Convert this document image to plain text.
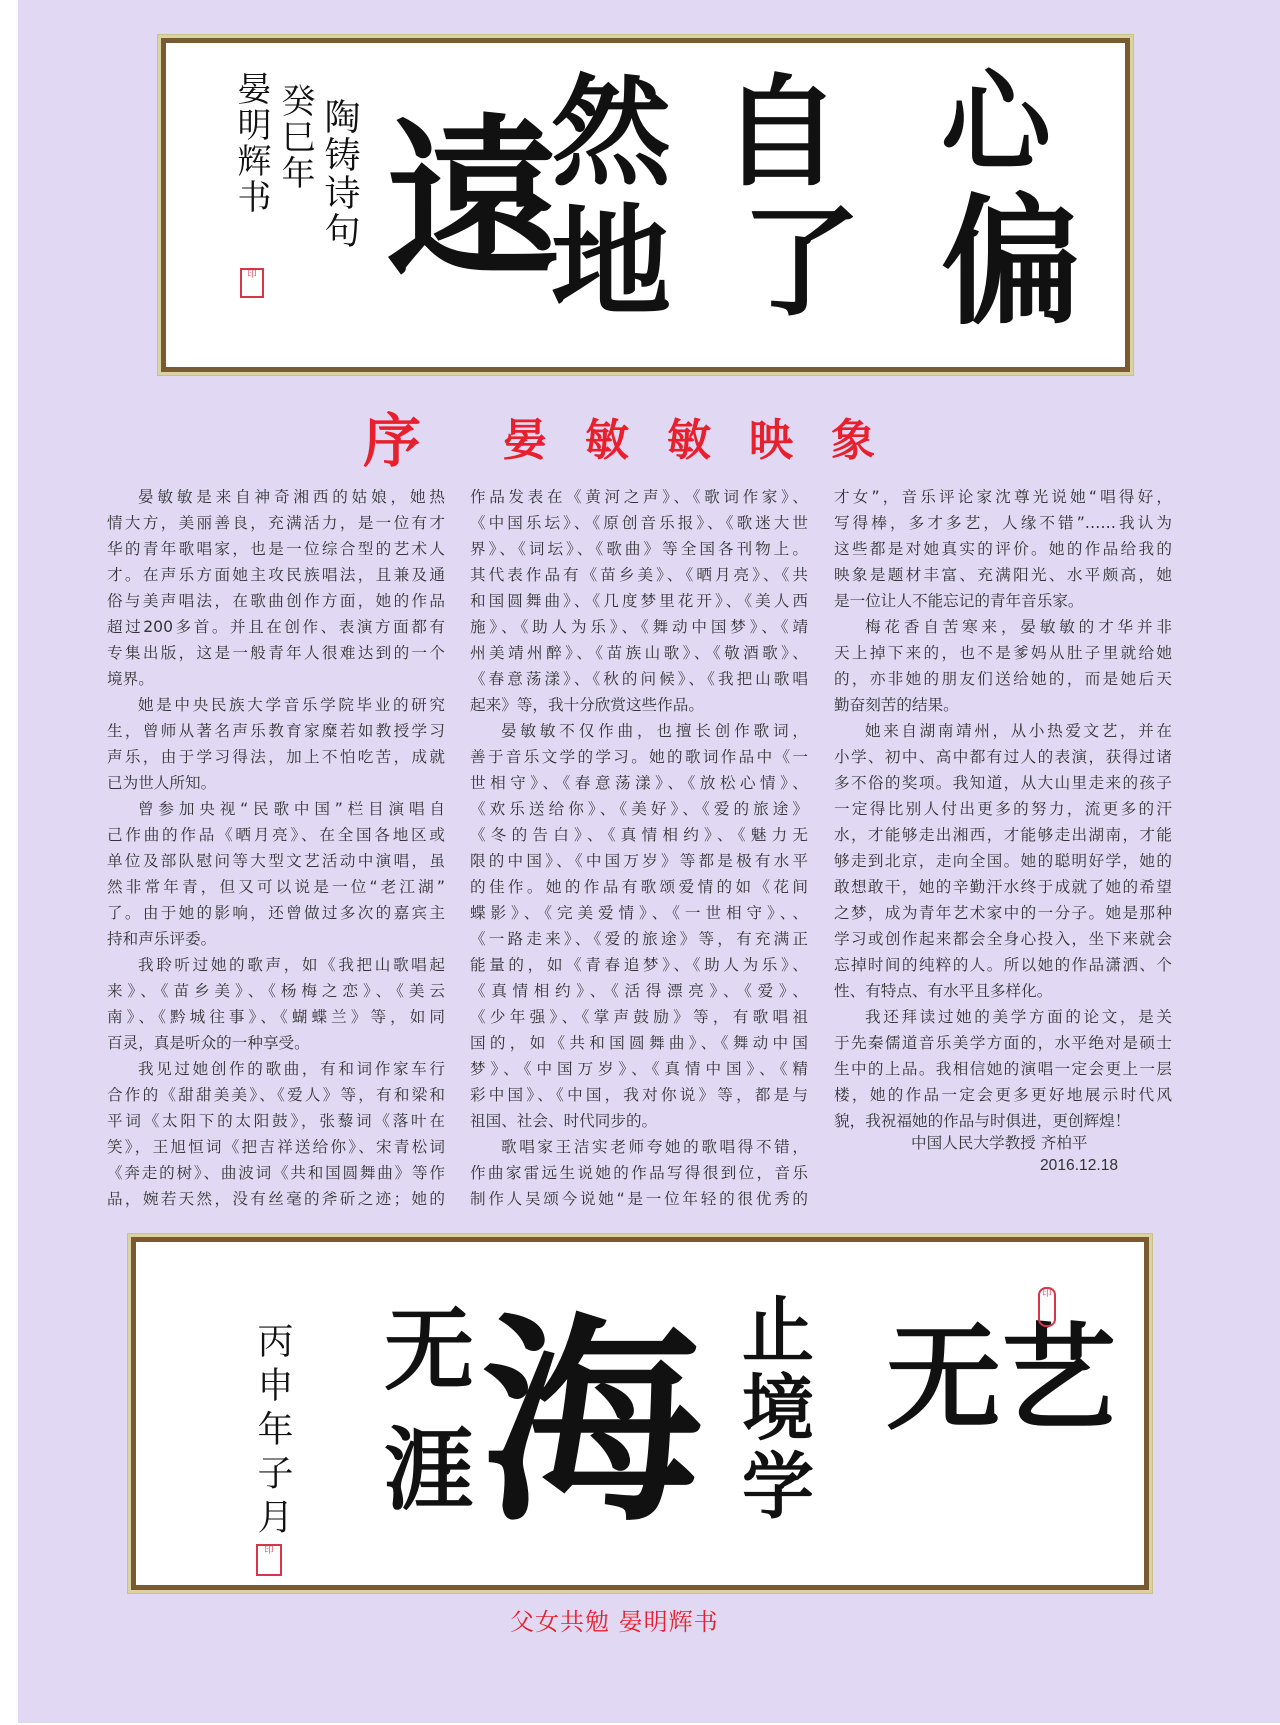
心
偏
自
了
然
地
遠
陶铸诗句
癸巳年
晏明辉书
印
序 晏敏敏映象
晏敏敏是来自神奇湘西的姑娘，她热
情大方，美丽善良，充满活力，是一位有才
华的青年歌唱家，也是一位综合型的艺术人
才。在声乐方面她主攻民族唱法，且兼及通
俗与美声唱法，在歌曲创作方面，她的作品
超过200多首。并且在创作、表演方面都有
专集出版，这是一般青年人很难达到的一个
境界。
她是中央民族大学音乐学院毕业的研究
生，曾师从著名声乐教育家糜若如教授学习
声乐，由于学习得法，加上不怕吃苦，成就
已为世人所知。
曾参加央视“民歌中国”栏目演唱自
己作曲的作品《晒月亮》、在全国各地区或
单位及部队慰问等大型文艺活动中演唱，虽
然非常年青，但又可以说是一位“老江湖”
了。由于她的影响，还曾做过多次的嘉宾主
持和声乐评委。
我聆听过她的歌声，如《我把山歌唱起
来》、《苗乡美》、《杨梅之恋》、《美云
南》、《黔城往事》、《蝴蝶兰》等，如同
百灵，真是听众的一种享受。
我见过她创作的歌曲，有和词作家车行
合作的《甜甜美美》、《爱人》等，有和梁和
平词《太阳下的太阳鼓》，张藜词《落叶在
笑》，王旭恒词《把吉祥送给你》、宋青松词
《奔走的树》、曲波词《共和国圆舞曲》等作
品，婉若天然，没有丝毫的斧斫之迹；她的
作品发表在《黄河之声》、《歌词作家》、
《中国乐坛》、《原创音乐报》、《歌迷大世
界》、《词坛》、《歌曲》等全国各刊物上。
其代表作品有《苗乡美》、《晒月亮》、《共
和国圆舞曲》、《几度梦里花开》、《美人西
施》、《助人为乐》、《舞动中国梦》、《靖
州美靖州醉》、《苗族山歌》、《敬酒歌》、
《春意荡漾》、《秋的问候》、《我把山歌唱
起来》等，我十分欣赏这些作品。
晏敏敏不仅作曲，也擅长创作歌词，
善于音乐文学的学习。她的歌词作品中《一
世相守》、《春意荡漾》、《放松心情》、
《欢乐送给你》、《美好》、《爱的旅途》
《冬的告白》、《真情相约》、《魅力无
限的中国》、《中国万岁》等都是极有水平
的佳作。她的作品有歌颂爱情的如《花间
蝶影》、《完美爱情》、《一世相守》、、
《一路走来》、《爱的旅途》等，有充满正
能量的，如《青春追梦》、《助人为乐》、
《真情相约》、《活得漂亮》、《爱》、
《少年强》、《掌声鼓励》等，有歌唱祖
国的，如《共和国圆舞曲》、《舞动中国
梦》、《中国万岁》、《真情中国》、《精
彩中国》、《中国，我对你说》等，都是与
祖国、社会、时代同步的。
歌唱家王洁实老师夸她的歌唱得不错，
作曲家雷远生说她的作品写得很到位，音乐
制作人吴颂今说她“是一位年轻的很优秀的
才女”，音乐评论家沈尊光说她“唱得好，
写得棒，多才多艺，人缘不错”……我认为
这些都是对她真实的评价。她的作品给我的
映象是题材丰富、充满阳光、水平颇高，她
是一位让人不能忘记的青年音乐家。
梅花香自苦寒来，晏敏敏的才华并非
天上掉下来的，也不是爹妈从肚子里就给她
的，亦非她的朋友们送给她的，而是她后天
勤奋刻苦的结果。
她来自湖南靖州，从小热爱文艺，并在
小学、初中、高中都有过人的表演，获得过诸
多不俗的奖项。我知道，从大山里走来的孩子
一定得比别人付出更多的努力，流更多的汗
水，才能够走出湘西，才能够走出湖南，才能
够走到北京，走向全国。她的聪明好学，她的
敢想敢干，她的辛勤汗水终于成就了她的希望
之梦，成为青年艺术家中的一分子。她是那种
学习或创作起来都会全身心投入，坐下来就会
忘掉时间的纯粹的人。所以她的作品潇洒、个
性、有特点、有水平且多样化。
我还拜读过她的美学方面的论文，是关
于先秦儒道音乐美学方面的，水平绝对是硕士
生中的上品。我相信她的演唱一定会更上一层
楼，她的作品一定会更多更好地展示时代风
貌，我祝福她的作品与时俱进，更创辉煌！
中国人民大学教授 齐柏平
2016.12.18
艺无
止境学
海
无涯
丙申年子月
印
印
父女共勉 晏明辉书
